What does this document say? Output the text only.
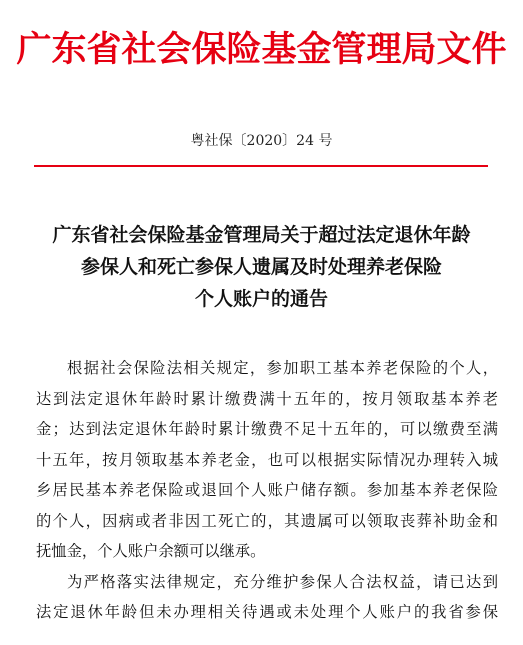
广东省社会保险基金管理局文件
粤社保〔2020〕24 号
广东省社会保险基金管理局关于超过法定退休年龄
参保人和死亡参保人遗属及时处理养老保险
个人账户的通告
根据社会保险法相关规定，参加职工基本养老保险的个人，
达到法定退休年龄时累计缴费满十五年的，按月领取基本养老
金；达到法定退休年龄时累计缴费不足十五年的，可以缴费至满
十五年，按月领取基本养老金，也可以根据实际情况办理转入城
乡居民基本养老保险或退回个人账户储存额。参加基本养老保险
的个人，因病或者非因工死亡的，其遗属可以领取丧葬补助金和
抚恤金，个人账户余额可以继承。
为严格落实法律规定，充分维护参保人合法权益，请已达到
法定退休年龄但未办理相关待遇或未处理个人账户的我省参保
